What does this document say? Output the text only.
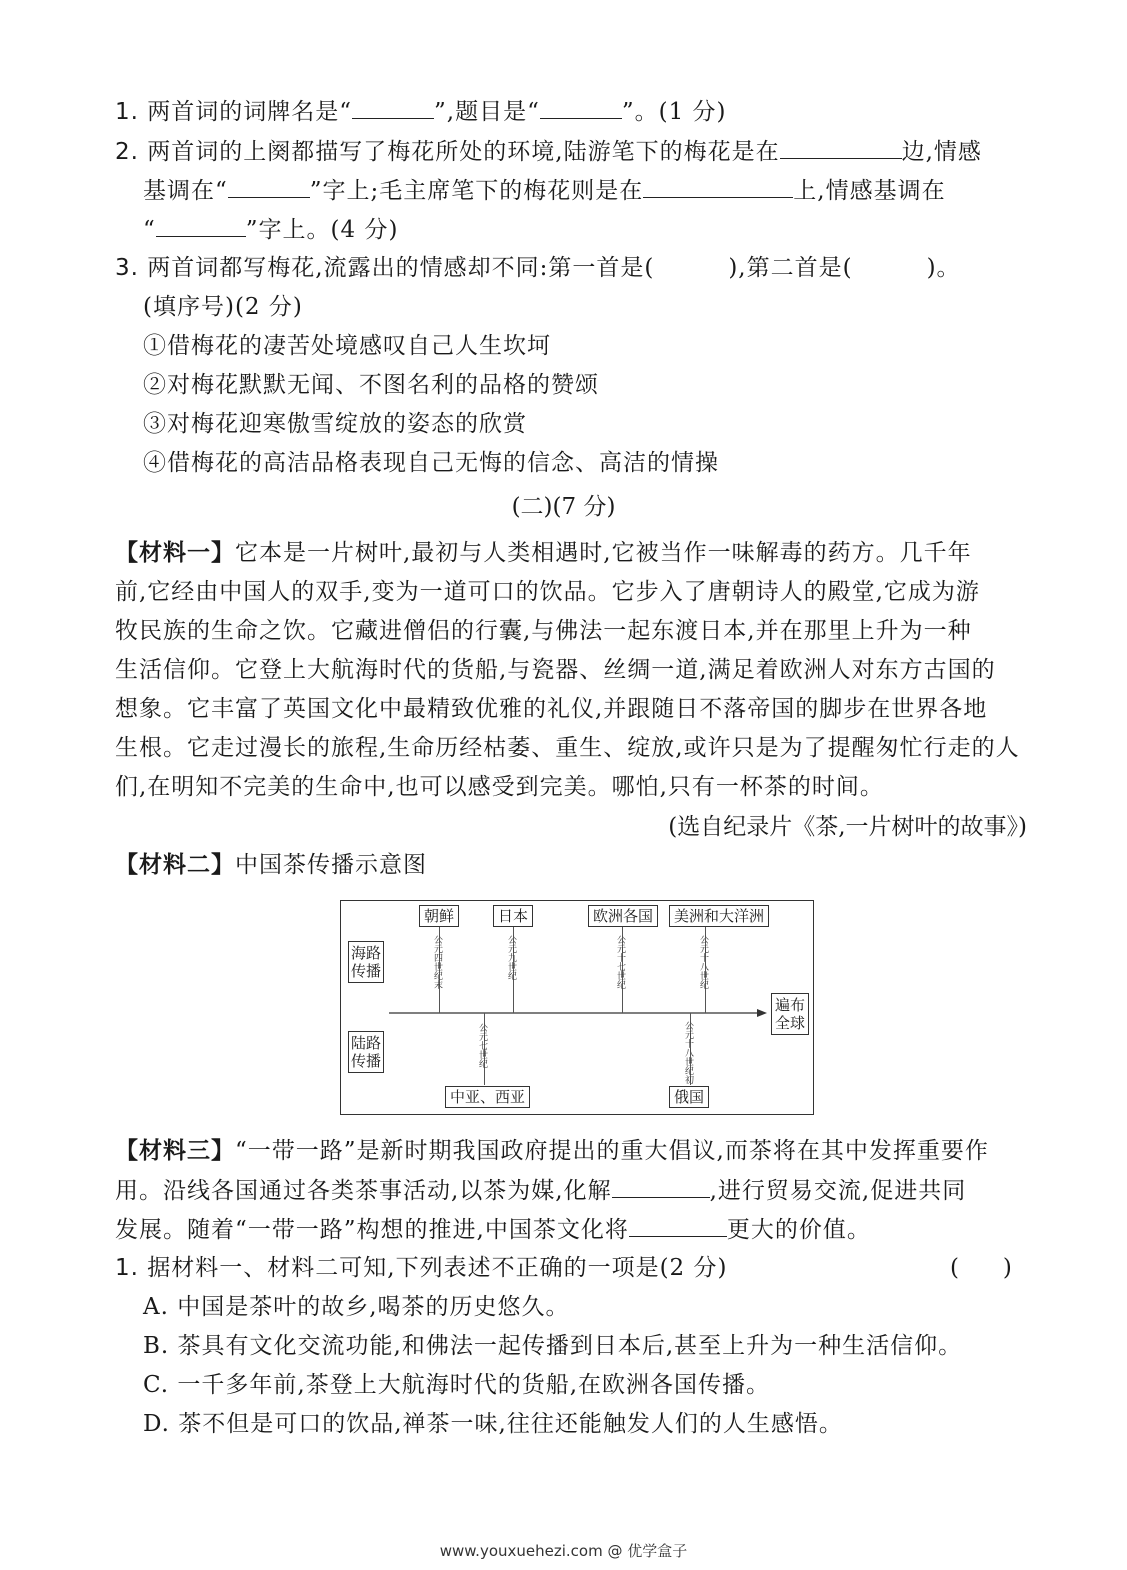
1. 两首词的词牌名是“	”,题目是“	”。(1 分)
2. 两首词的上阕都描写了梅花所处的环境,陆游笔下的梅花是在	边,情感
基调在“	”字上;毛主席笔下的梅花则是在	上,情感基调在
“	”字上。(4 分)
3. 两首词都写梅花,流露出的情感却不同:第一首是(	),第二首是(	)。
(填序号)(2 分)
①借梅花的凄苦处境感叹自己人生坎坷
②对梅花默默无闻、不图名利的品格的赞颂
③对梅花迎寒傲雪绽放的姿态的欣赏
④借梅花的高洁品格表现自己无悔的信念、高洁的情操
(二)(7 分)
【材料一】它本是一片树叶,最初与人类相遇时,它被当作一味解毒的药方。几千年
前,它经由中国人的双手,变为一道可口的饮品。它步入了唐朝诗人的殿堂,它成为游
牧民族的生命之饮。它藏进僧侣的行囊,与佛法一起东渡日本,并在那里上升为一种
生活信仰。它登上大航海时代的货船,与瓷器、丝绸一道,满足着欧洲人对东方古国的
想象。它丰富了英国文化中最精致优雅的礼仪,并跟随日不落帝国的脚步在世界各地
生根。它走过漫长的旅程,生命历经枯萎、重生、绽放,或许只是为了提醒匆忙行走的人
们,在明知不完美的生命中,也可以感受到完美。哪怕,只有一杯茶的时间。
(选自纪录片《茶,一片树叶的故事》)
【材料二】中国茶传播示意图
海路
传播
陆路
传播
遍布
全球
朝鲜	日本	欧洲各国	美洲和大洋洲
公元四世纪末	公元九世纪	公元十七世纪	公元十八世纪
公元七世纪	公元十八世纪初
中亚、西亚	俄国
【材料三】“一带一路”是新时期我国政府提出的重大倡议,而茶将在其中发挥重要作
用。沿线各国通过各类茶事活动,以茶为媒,化解	,进行贸易交流,促进共同
发展。随着“一带一路”构想的推进,中国茶文化将	更大的价值。
1. 据材料一、材料二可知,下列表述不正确的一项是(2 分)	(      )
A. 中国是茶叶的故乡,喝茶的历史悠久。
B. 茶具有文化交流功能,和佛法一起传播到日本后,甚至上升为一种生活信仰。
C. 一千多年前,茶登上大航海时代的货船,在欧洲各国传播。
D. 茶不但是可口的饮品,禅茶一味,往往还能触发人们的人生感悟。
www.youxuehezi.com @ 优学盒子
